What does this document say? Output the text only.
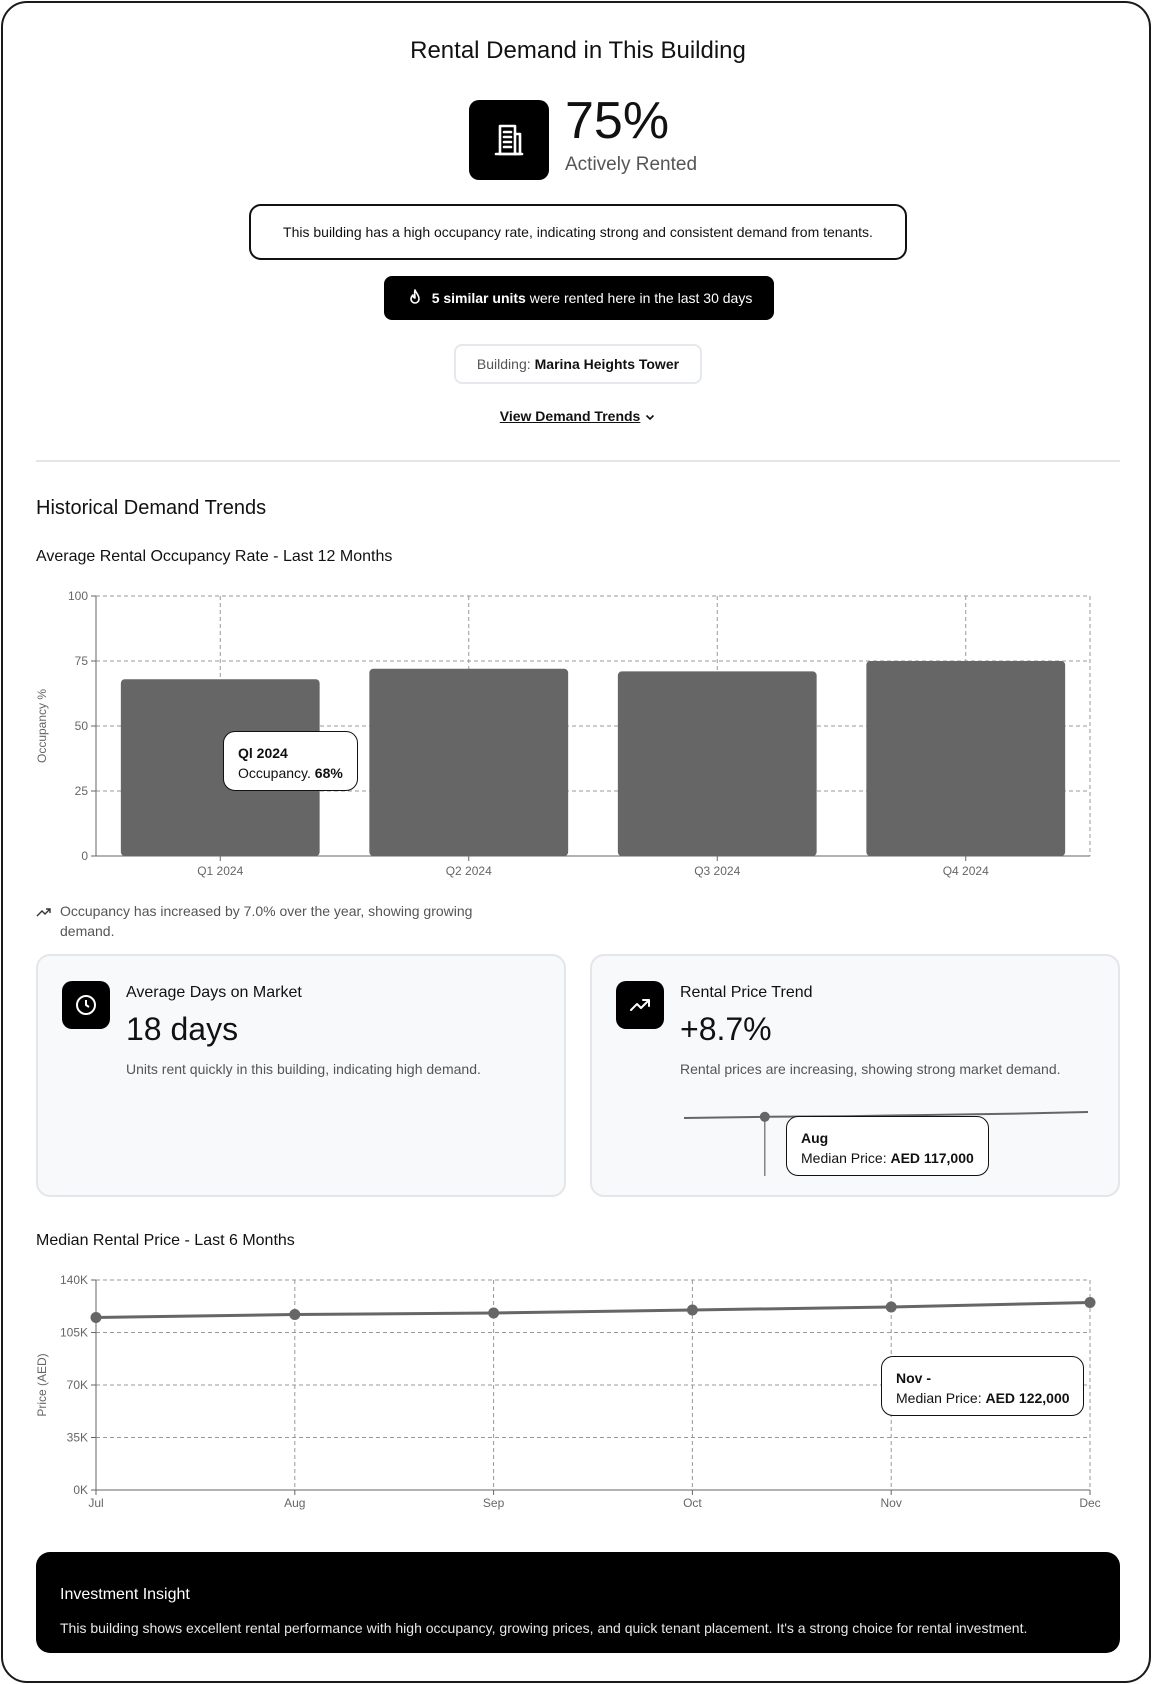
Rental Demand in This Building
75%
Actively Rented
This building has a high occupancy rate, indicating strong and consistent demand from tenants.
5 similar units were rented here in the last 30 days
Building: Marina Heights Tower
View Demand Trends
Historical Demand Trends
Average Rental Occupancy Rate - Last 12 Months
0
25
50
75
100
Q1 2024	Q2 2024	Q3 2024	Q4 2024
Occupancy %	Ql 2024
Occupancy. 68%
Occupancy has increased by 7.0% over the year, showing growing demand.
Average Days on Market
18 days
Units rent quickly in this building, indicating high demand.
Rental Price Trend
+8.7%
Rental prices are increasing, showing strong market demand.
Aug
Median Price: AED 117,000
Median Rental Price - Last 6 Months
0K
35K
70K
105K
140K
Jul	Aug	Sep	Oct	Nov	Dec
Price (AED)	Nov -
Median Price: AED 122,000
Investment Insight
This building shows excellent rental performance with high occupancy, growing prices, and quick tenant placement. It's a strong choice for rental investment.
